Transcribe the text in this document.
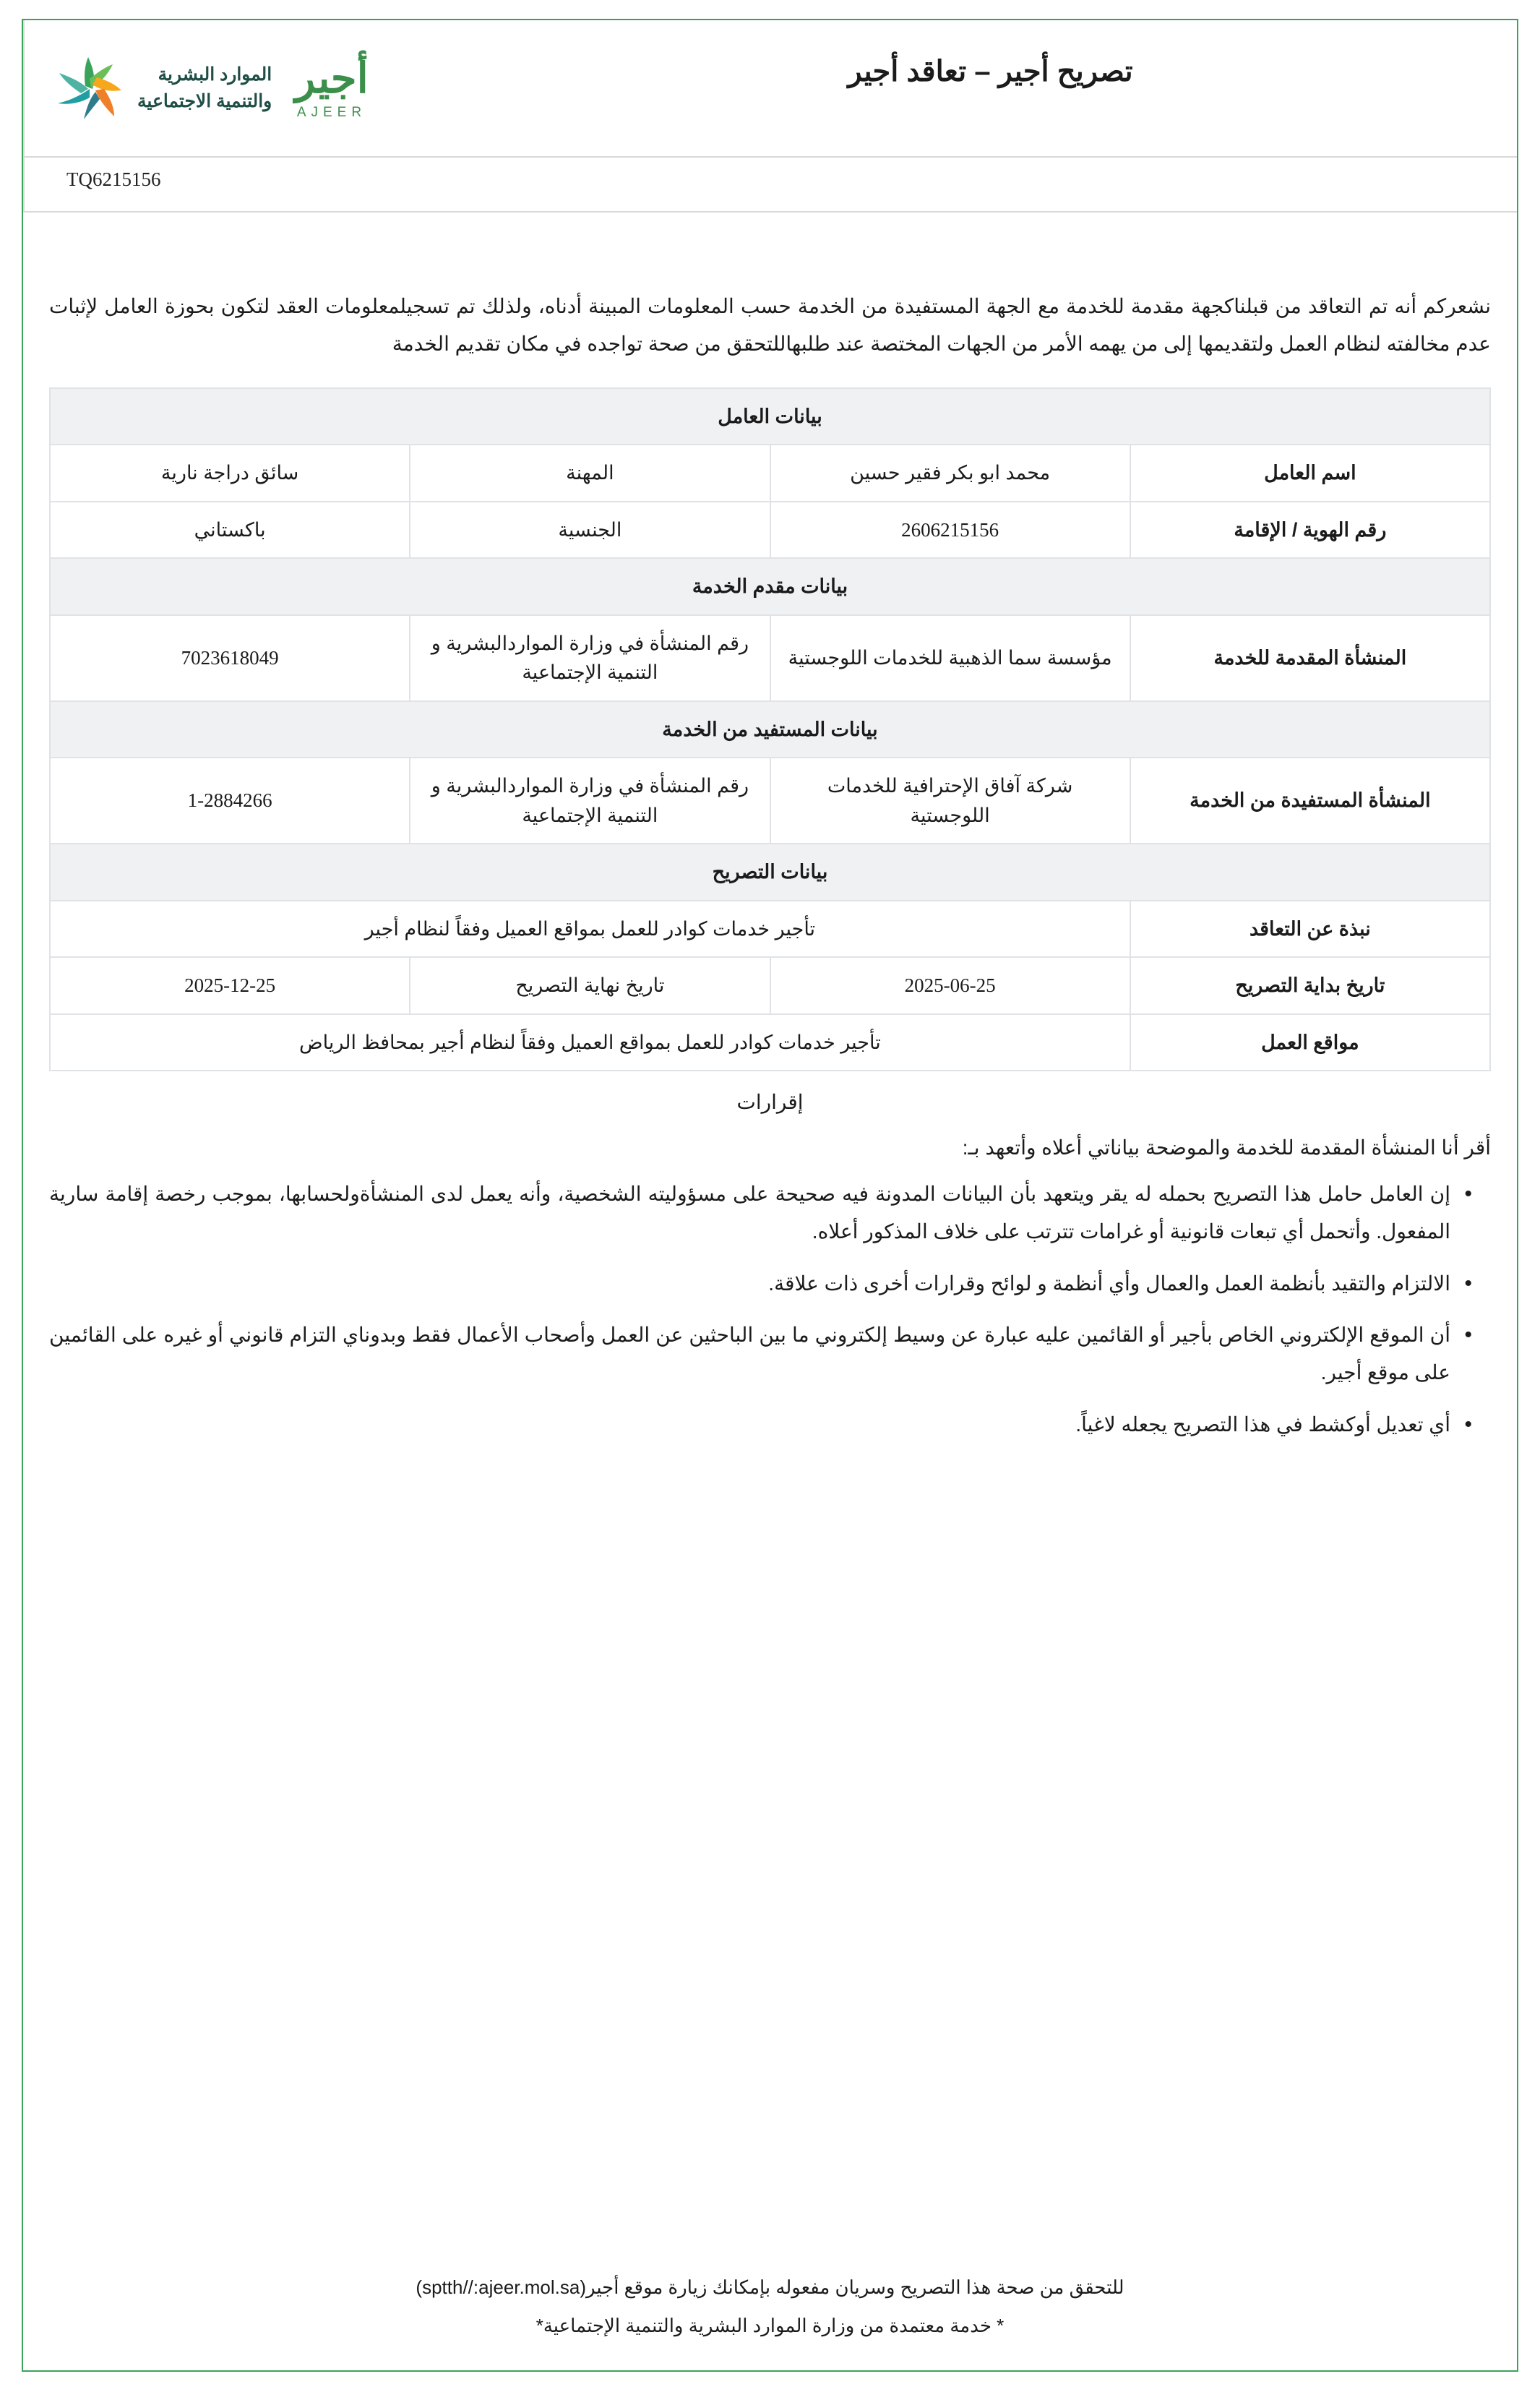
الموارد البشرية
والتنمية الاجتماعية أجير
AJEER
تصريح أجير – تعاقد أجير
TQ6215156

نشعركم أنه تم التعاقد من قبلناكجهة مقدمة للخدمة مع الجهة المستفيدة من الخدمة حسب المعلومات المبينة أدناه، ولذلك تم تسجيلمعلومات العقد لتكون بحوزة العامل لإثبات عدم مخالفته لنظام العمل ولتقديمها إلى من يهمه الأمر من الجهات المختصة عند طلبهاللتحقق من صحة تواجده في مكان تقديم الخدمة

بيانات العامل			
اسم العامل	محمد ابو بكر فقير حسين	المهنة	سائق دراجة نارية
رقم الهوية / الإقامة	2606215156	الجنسية	باكستاني
بيانات مقدم الخدمة			
المنشأة المقدمة للخدمة	مؤسسة سما الذهبية للخدمات اللوجستية	رقم المنشأة في وزارة المواردالبشرية و التنمية الإجتماعية	7023618049
بيانات المستفيد من الخدمة			
المنشأة المستفيدة من الخدمة	شركة آفاق الإحترافية للخدمات اللوجستية	رقم المنشأة في وزارة المواردالبشرية و التنمية الإجتماعية	1-2884266
بيانات التصريح			
نبذة عن التعاقد	تأجير خدمات كوادر للعمل بمواقع العميل وفقاً لنظام أجير		
تاريخ بداية التصريح	2025-06-25	تاريخ نهاية التصريح	2025-12-25
مواقع العمل	تأجير خدمات كوادر للعمل بمواقع العميل وفقاً لنظام أجير بمحافظ الرياض		
إقرارات
أقر أنا المنشأة المقدمة للخدمة والموضحة بياناتي أعلاه وأتعهد بـ:
• إن العامل حامل هذا التصريح بحمله له يقر ويتعهد بأن البيانات المدونة فيه صحيحة على مسؤوليته الشخصية، وأنه يعمل لدى المنشأةولحسابها، بموجب رخصة إقامة سارية المفعول. وأتحمل أي تبعات قانونية أو غرامات تترتب على خلاف المذكور أعلاه.
• الالتزام والتقيد بأنظمة العمل والعمال وأي أنظمة و لوائح وقرارات أخرى ذات علاقة.
• أن الموقع الإلكتروني الخاص بأجير أو القائمين عليه عبارة عن وسيط إلكتروني ما بين الباحثين عن العمل وأصحاب الأعمال فقط وبدوناي التزام قانوني أو غيره على القائمين على موقع أجير.
• أي تعديل أوكشط في هذا التصريح يجعله لاغياً.
للتحقق من صحة هذا التصريح وسريان مفعوله بإمكانك زيارة موقع أجير(sptth//:ajeer.mol.sa)
* خدمة معتمدة من وزارة الموارد البشرية والتنمية الإجتماعية*
